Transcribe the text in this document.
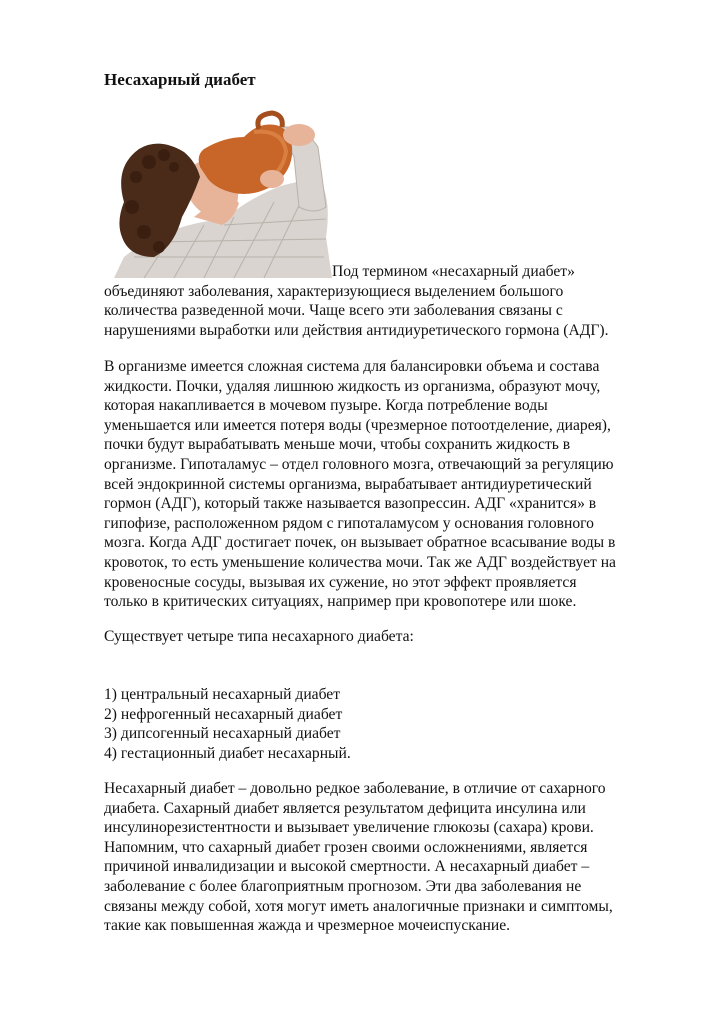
Несахарный диабет
Под термином «несахарный диабет»
объединяют заболевания, характеризующиеся выделением большого
количества разведенной мочи. Чаще всего эти заболевания связаны с
нарушениями выработки или действия антидиуретического гормона (АДГ).
В организме имеется сложная система для балансировки объема и состава
жидкости. Почки, удаляя лишнюю жидкость из организма, образуют мочу,
которая накапливается в мочевом пузыре. Когда потребление воды
уменьшается или имеется потеря воды (чрезмерное потоотделение, диарея),
почки будут вырабатывать меньше мочи, чтобы сохранить жидкость в
организме. Гипоталамус – отдел головного мозга, отвечающий за регуляцию
всей эндокринной системы организма, вырабатывает антидиуретический
гормон (АДГ), который также называется вазопрессин. АДГ «хранится» в
гипофизе, расположенном рядом с гипоталамусом у основания головного
мозга. Когда АДГ достигает почек, он вызывает обратное всасывание воды в
кровоток, то есть уменьшение количества мочи. Так же АДГ воздействует на
кровеносные сосуды, вызывая их сужение, но этот эффект проявляется
только в критических ситуациях, например при кровопотере или шоке.
Существует четыре типа несахарного диабета:
1) центральный несахарный диабет
2) нефрогенный несахарный диабет
3) дипсогенный несахарный диабет
4) гестационный диабет несахарный.
Несахарный диабет – довольно редкое заболевание, в отличие от сахарного
диабета. Сахарный диабет является результатом дефицита инсулина или
инсулинорезистентности и вызывает увеличение глюкозы (сахара) крови.
Напомним, что сахарный диабет грозен своими осложнениями, является
причиной инвалидизации и высокой смертности. А несахарный диабет –
заболевание с более благоприятным прогнозом. Эти два заболевания не
связаны между собой, хотя могут иметь аналогичные признаки и симптомы,
такие как повышенная жажда и чрезмерное мочеиспускание.
